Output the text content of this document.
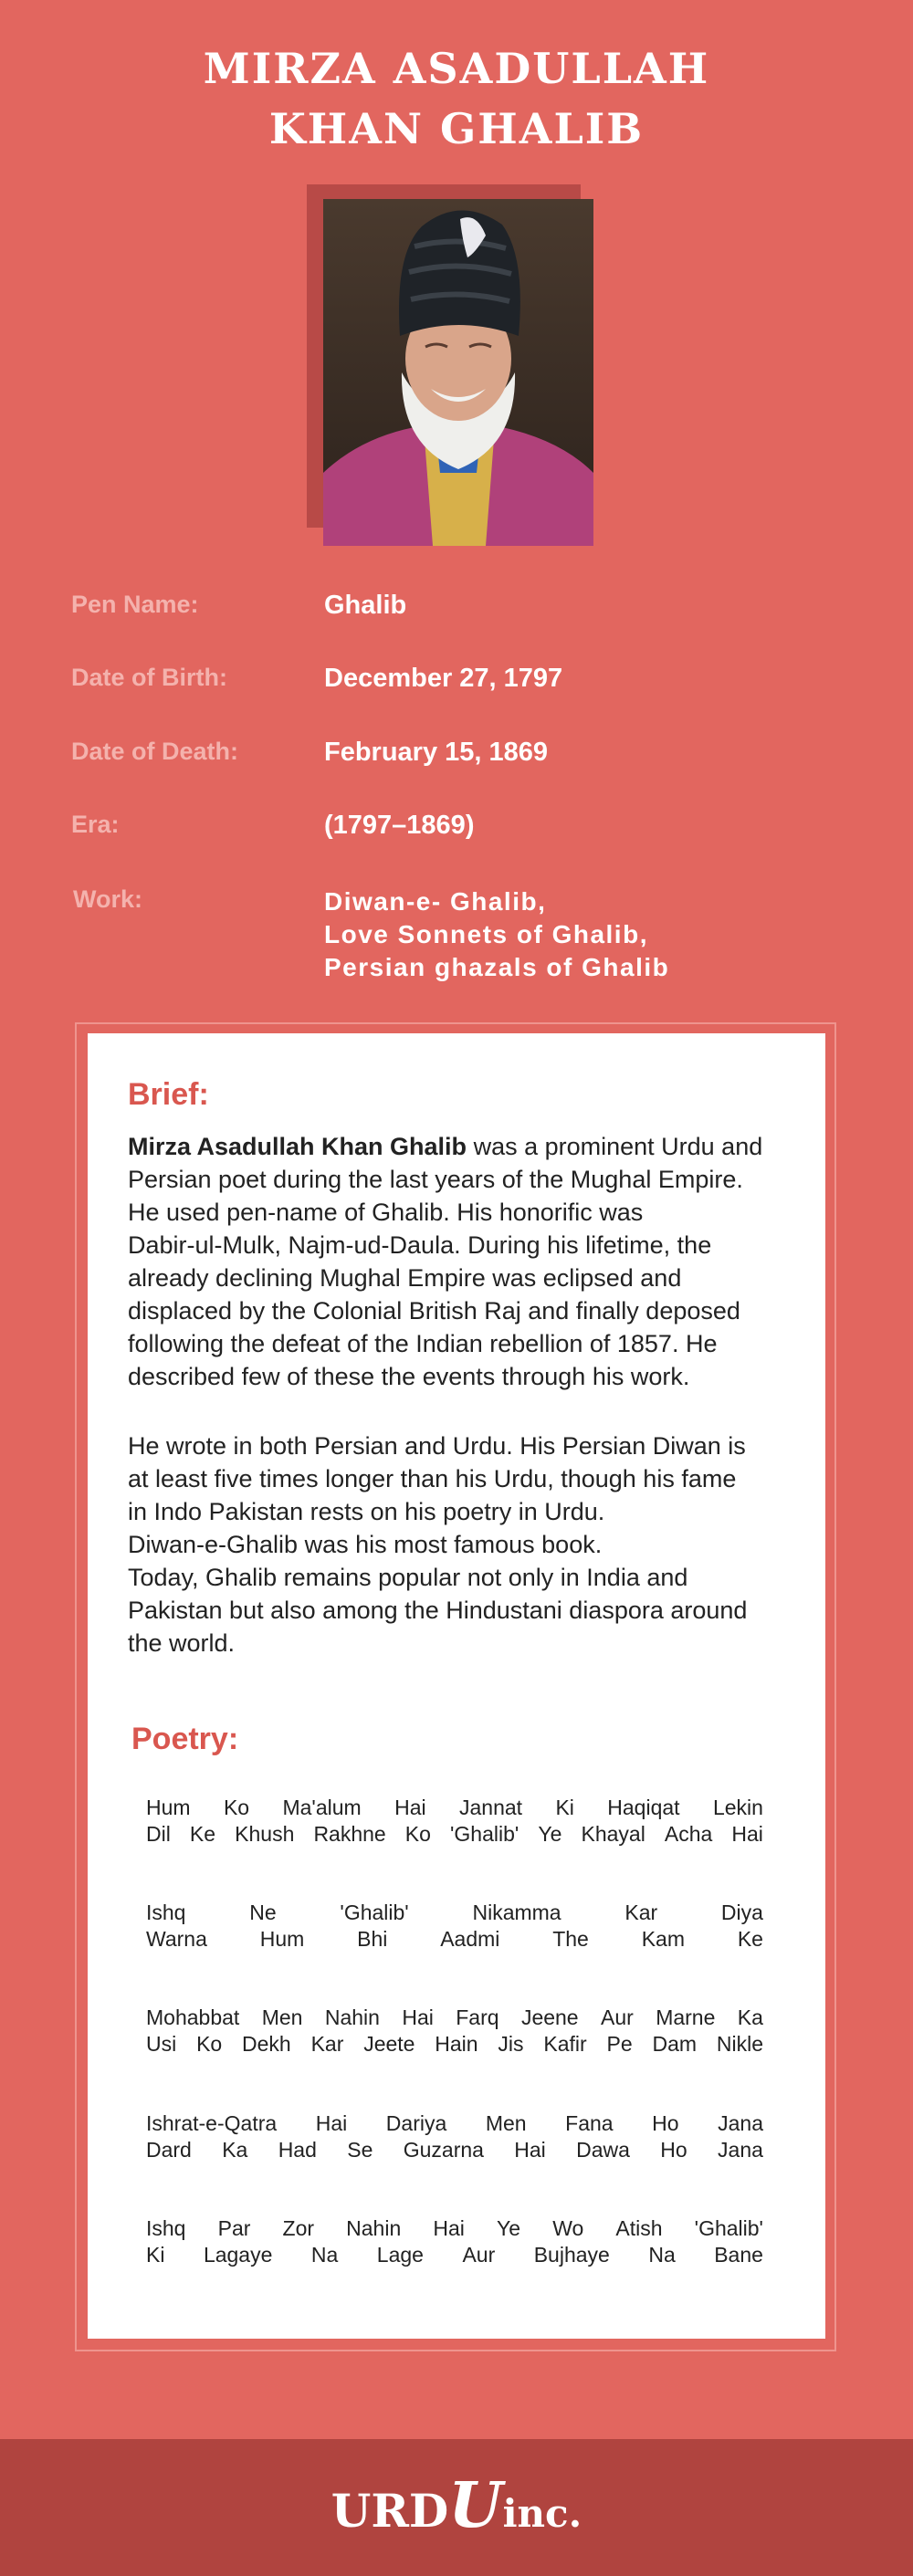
MIRZA ASADULLAH
KHAN GHALIB
Pen Name:	Ghalib
Date of Birth:	December 27, 1797
Date of Death:	February 15, 1869
Era:	(1797–1869)
Work:	Diwan-e- Ghalib,
Love Sonnets of Ghalib,
Persian ghazals of Ghalib
Brief:
Mirza Asadullah Khan Ghalib was a prominent Urdu and
Persian poet during the last years of the Mughal Empire.
He used pen-name of Ghalib. His honorific was
Dabir-ul-Mulk, Najm-ud-Daula. During his lifetime, the
already declining Mughal Empire was eclipsed and
displaced by the Colonial British Raj and finally deposed
following the defeat of the Indian rebellion of 1857. He
described few of these the events through his work.
He wrote in both Persian and Urdu. His Persian Diwan is
at least five times longer than his Urdu, though his fame
in Indo Pakistan rests on his poetry in Urdu.
Diwan-e-Ghalib was his most famous book.
Today, Ghalib remains popular not only in India and
Pakistan but also among the Hindustani diaspora around
the world.
Poetry:
Hum Ko Ma'alum Hai Jannat Ki Haqiqat Lekin
Dil Ke Khush Rakhne Ko 'Ghalib' Ye Khayal Acha Hai
Ishq	Ne	'Ghalib'	Nikamma	Kar	Diya
Warna	Hum	Bhi	Aadmi	The	Kam	Ke
Mohabbat Men Nahin Hai Farq Jeene Aur Marne Ka
Usi Ko Dekh Kar Jeete Hain Jis Kafir Pe Dam Nikle
Ishrat-e-Qatra Hai Dariya Men Fana Ho Jana
Dard Ka Had Se Guzarna Hai Dawa Ho Jana
Ishq Par Zor Nahin Hai Ye Wo Atish 'Ghalib'
Ki Lagaye Na Lage Aur Bujhaye Na Bane
URDUinc.
